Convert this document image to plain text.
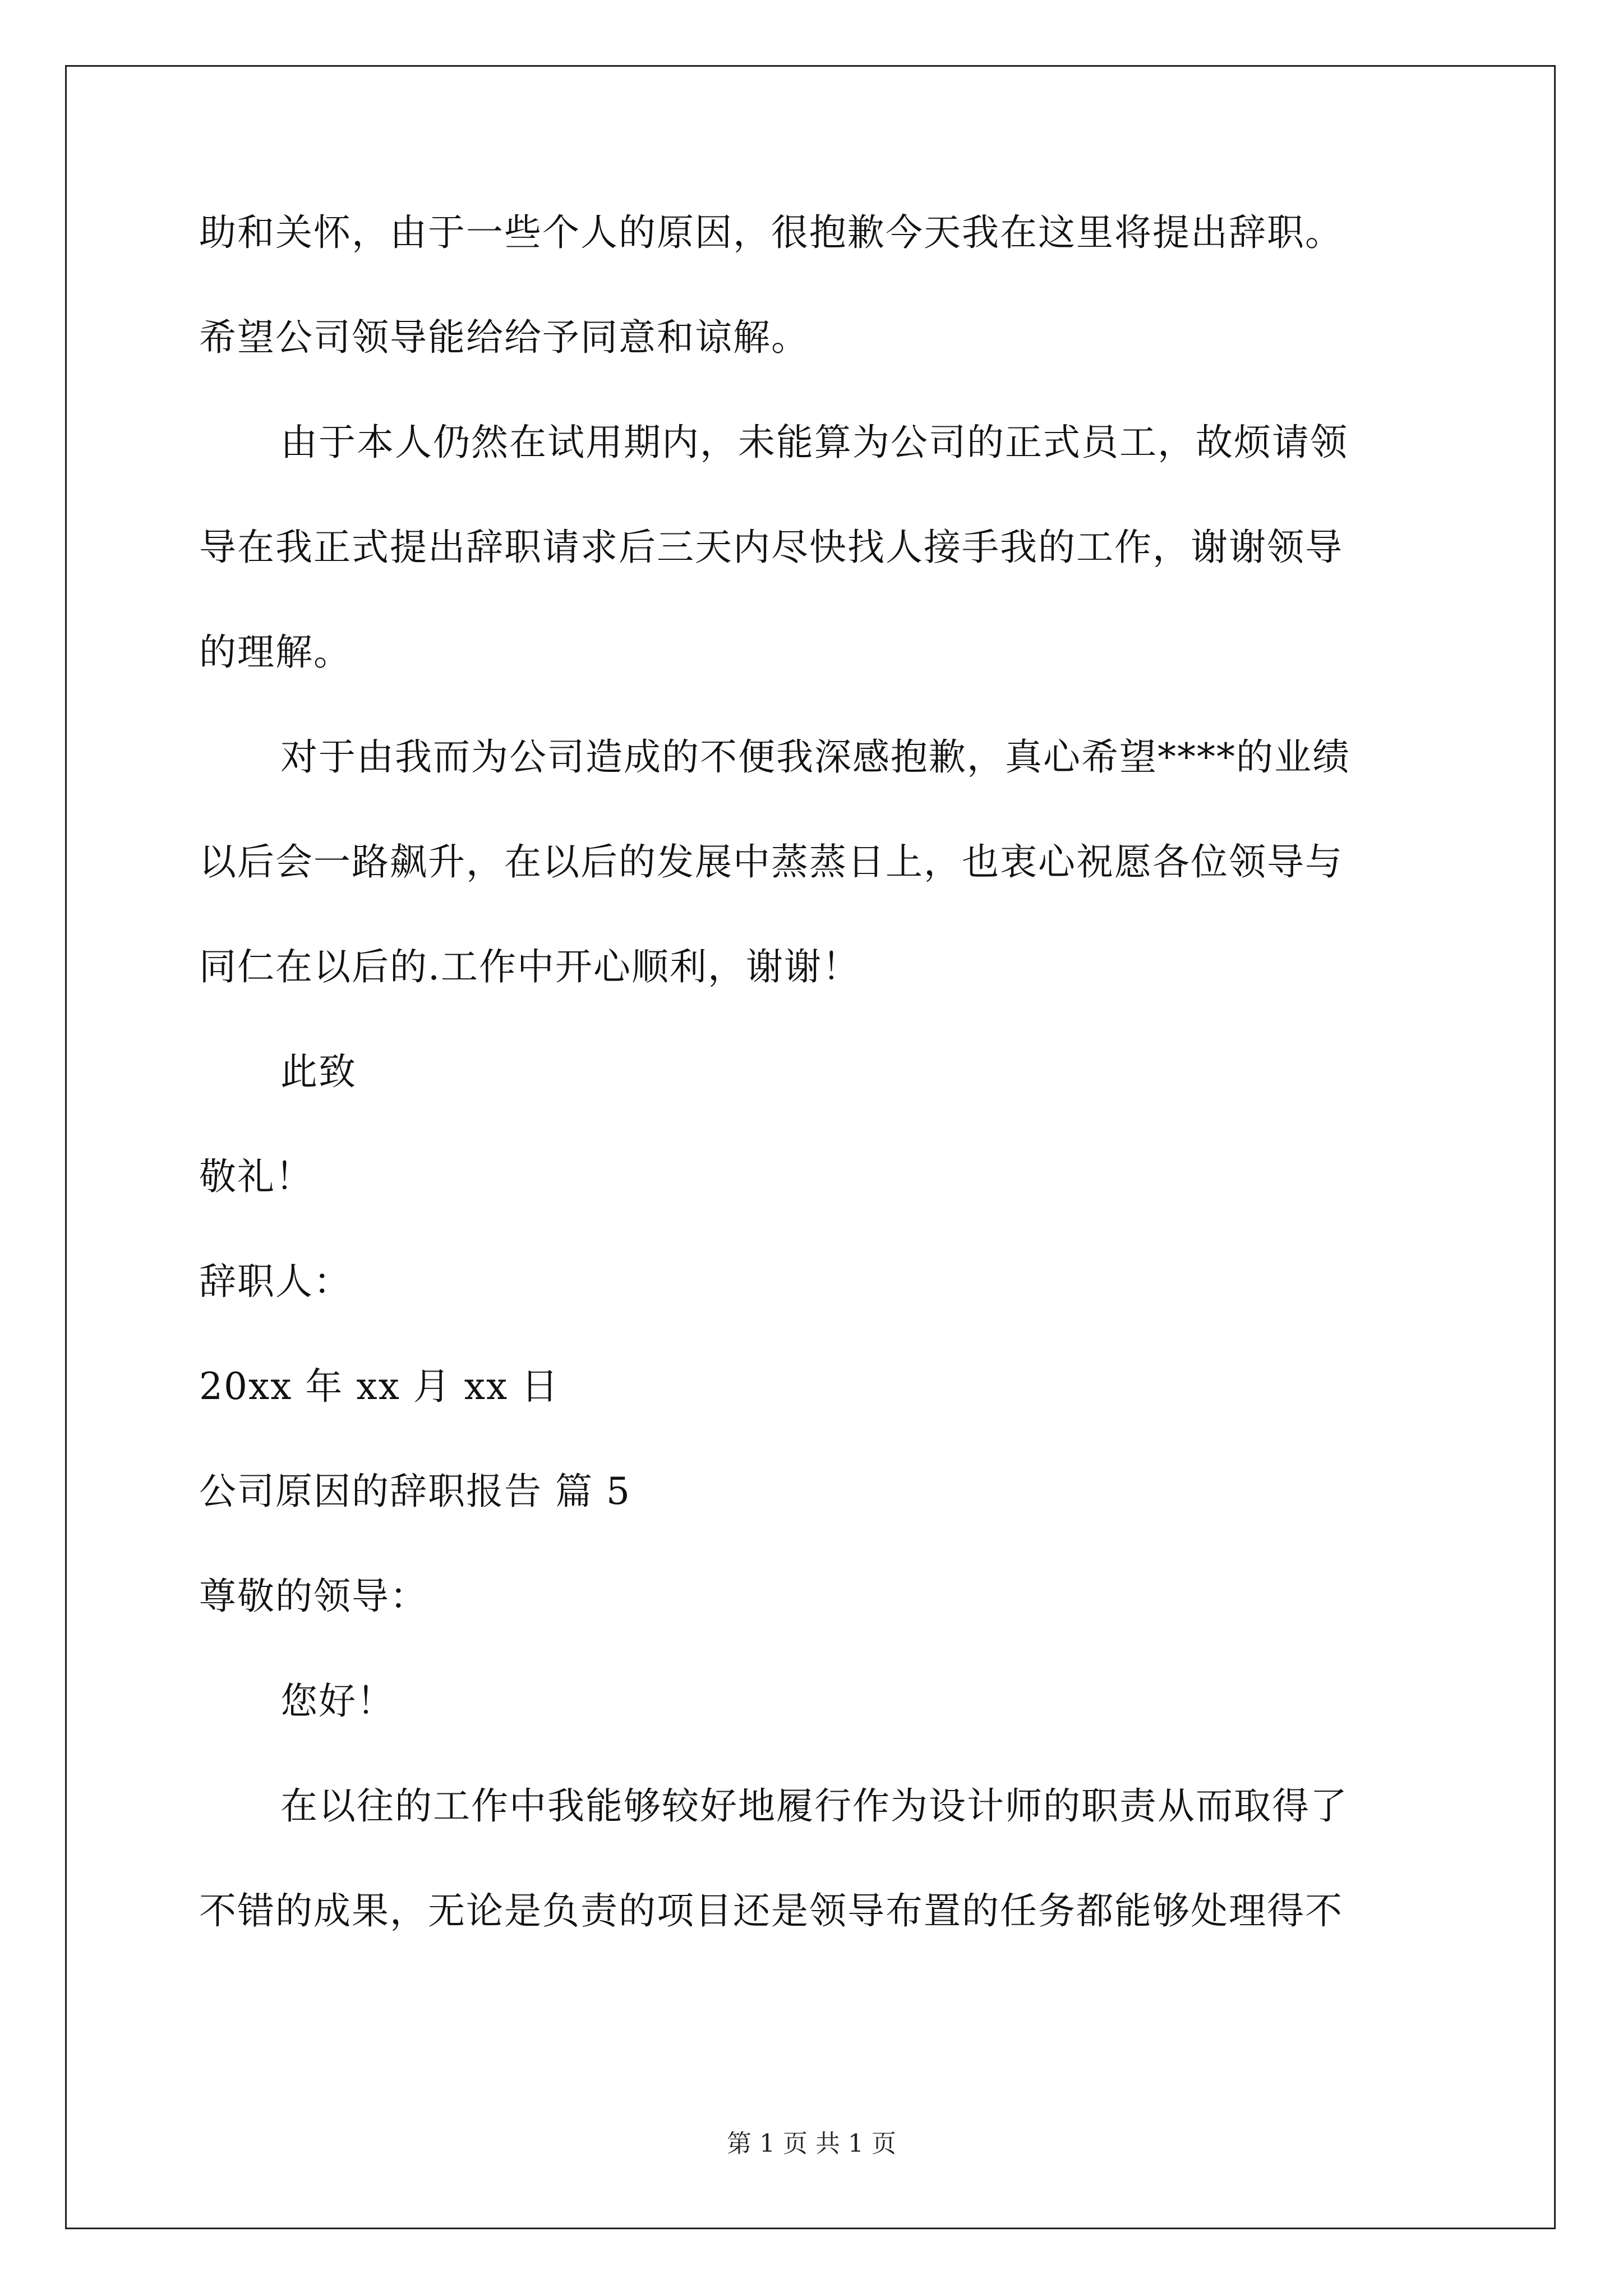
助和关怀，由于一些个人的原因，很抱歉今天我在这里将提出辞职。
希望公司领导能给给予同意和谅解。
由于本人仍然在试用期内，未能算为公司的正式员工，故烦请领
导在我正式提出辞职请求后三天内尽快找人接手我的工作，谢谢领导
的理解。
对于由我而为公司造成的不便我深感抱歉，真心希望****的业绩
以后会一路飙升，在以后的发展中蒸蒸日上，也衷心祝愿各位领导与
同仁在以后的.工作中开心顺利，谢谢！
此致
敬礼！
辞职人：
20xx 年 xx 月 xx 日
公司原因的辞职报告 篇 5
尊敬的领导：
您好！
在以往的工作中我能够较好地履行作为设计师的职责从而取得了
不错的成果，无论是负责的项目还是领导布置的任务都能够处理得不
第 1 页 共 1 页
